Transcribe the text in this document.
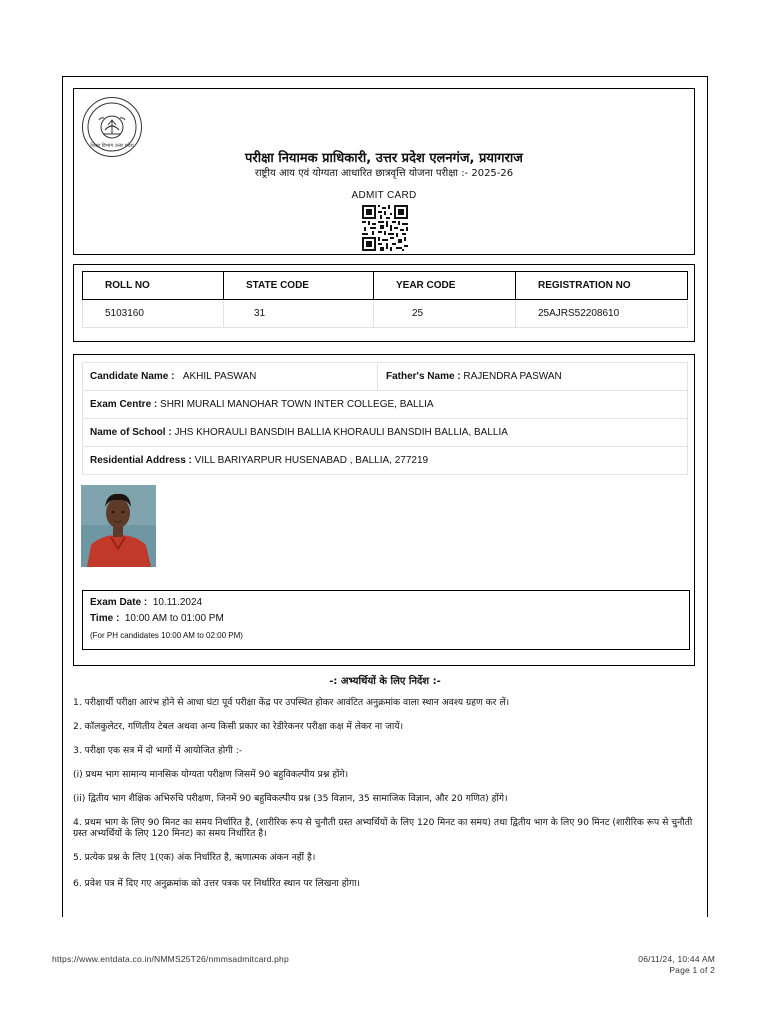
शिक्षा विभाग उत्तर प्रदेश
परीक्षा नियामक प्राधिकारी, उत्तर प्रदेश एलनगंज, प्रयागराज
राष्ट्रीय आय एवं योग्यता आधारित छात्रवृत्ति योजना परीक्षा :- 2025-26
ADMIT CARD
ROLL NO	STATE CODE	YEAR CODE	REGISTRATION NO
5103160	31	25	25AJRS52208610
Candidate Name : AKHIL PASWAN	Father's Name : RAJENDRA PASWAN
Exam Centre : SHRI MURALI MANOHAR TOWN INTER COLLEGE, BALLIA
Name of School : JHS KHORAULI BANSDIH BALLIA KHORAULI BANSDIH BALLIA, BALLIA
Residential Address : VILL BARIYARPUR HUSENABAD , BALLIA, 277219
Exam Date : 10.11.2024
Time : 10:00 AM to 01:00 PM
(For PH candidates 10:00 AM to 02:00 PM)
-: अभ्यर्थियों के लिए निर्देश :-
1. परीक्षार्थी परीक्षा आरंभ होने से आधा घंटा पूर्व परीक्षा केंद्र पर उपस्थित होकर आवंटित अनुक्रमांक वाला स्थान अवश्य ग्रहण कर लें।
2. कॉलकुलेटर, गणितीय टेबल अथवा अन्य किसी प्रकार का रेडीरेकनर परीक्षा कक्ष में लेकर ना जायें।
3. परीक्षा एक सत्र में दो भागों में आयोजित होगी :-
(i) प्रथम भाग सामान्य मानसिक योग्यता परीक्षण जिसमें 90 बहुविकल्पीय प्रश्न होंगे।
(ii) द्वितीय भाग शैक्षिक अभिरुचि परीक्षण, जिनमें 90 बहुविकल्पीय प्रश्न (35 विज्ञान, 35 सामाजिक विज्ञान, और 20 गणित) होंगे।
4. प्रथम भाग के लिए 90 मिनट का समय निर्धारित है, (शारीरिक रूप से चुनौती ग्रस्त अभ्यर्थियों के लिए 120 मिनट का समय) तथा द्वितीय भाग के लिए 90 मिनट (शारीरिक रूप से चुनौती ग्रस्त अभ्यर्थियों के लिए 120 मिनट) का समय निर्धारित है।
5. प्रत्येक प्रश्न के लिए 1(एक) अंक निर्धारित है, ऋणात्मक अंकन नहीं है।
6. प्रवेश पत्र में दिए गए अनुक्रमांक को उत्तर पत्रक पर निर्धारित स्थान पर लिखना होगा।
https://www.entdata.co.in/NMMS25T26/nmmsadmitcard.php	06/11/24, 10:44 AM
Page 1 of 2
